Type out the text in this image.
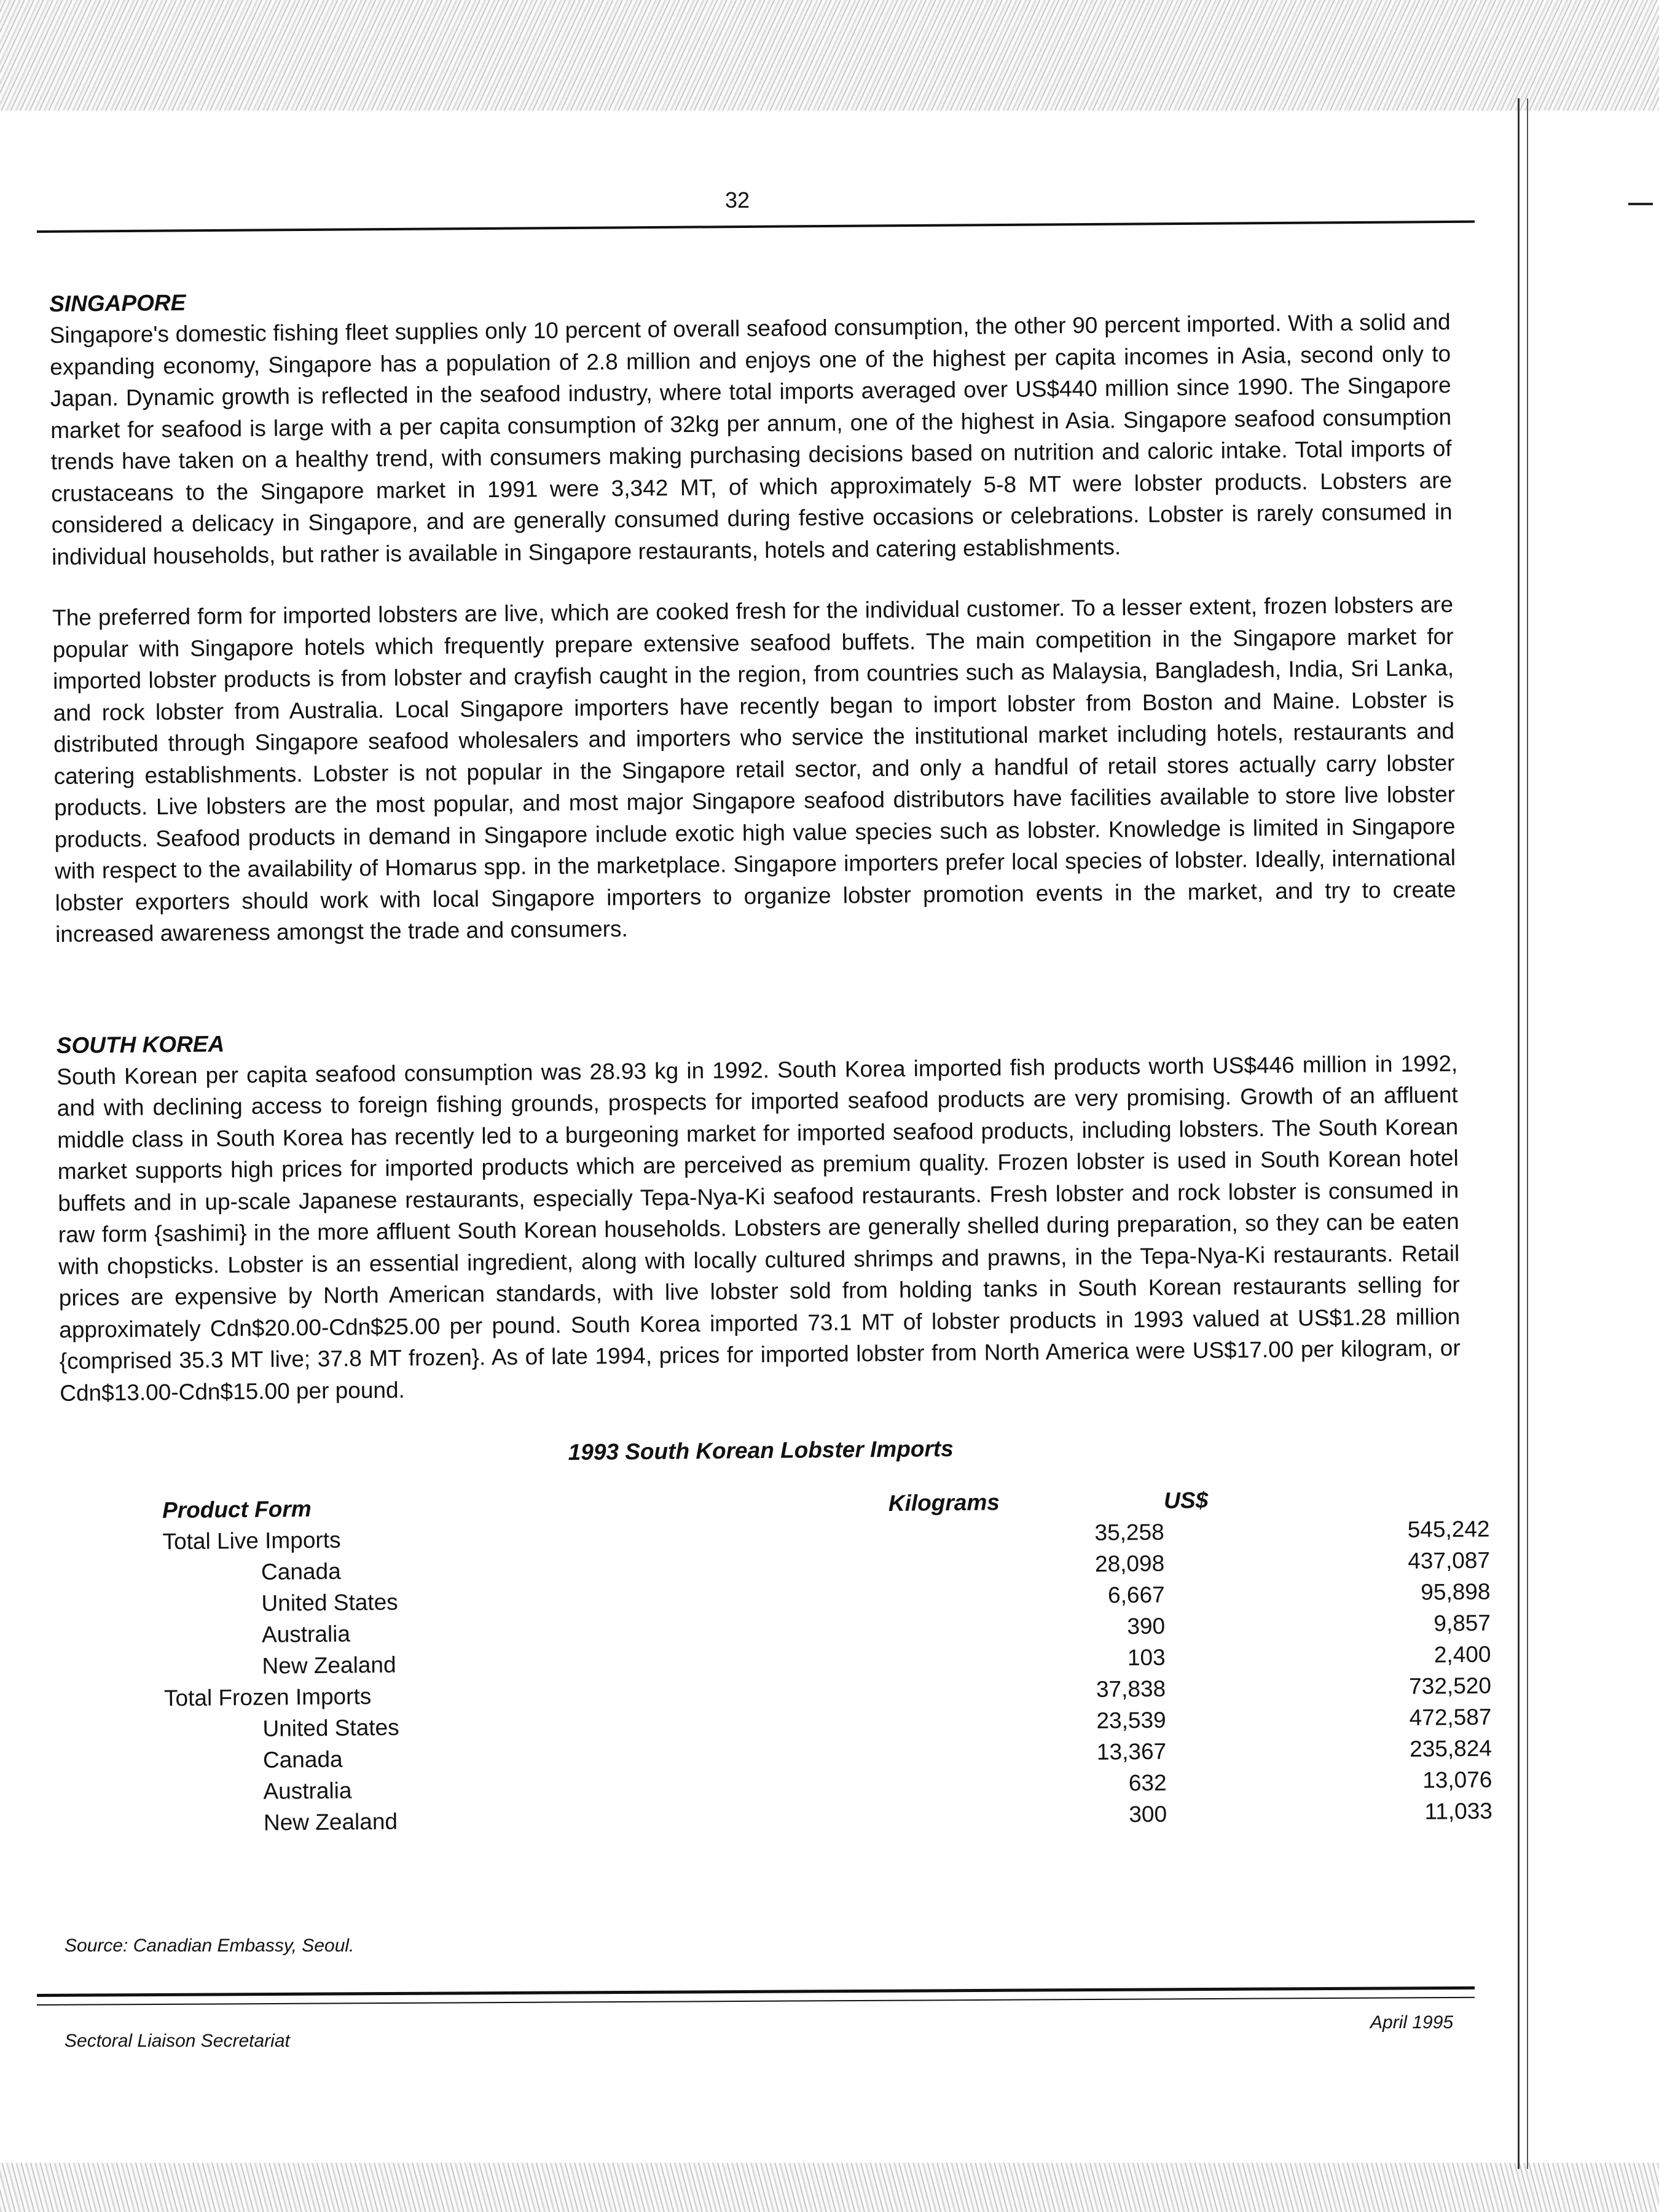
32
SINGAPORE

Singapore's domestic fishing fleet supplies only 10 percent of overall seafood consumption, the other 90 percent imported. With a solid and expanding economy, Singapore has a population of 2.8 million and enjoys one of the highest per capita incomes in Asia, second only to Japan. Dynamic growth is reflected in the seafood industry, where total imports averaged over US$440 million since 1990. The Singapore market for seafood is large with a per capita consumption of 32kg per annum, one of the highest in Asia. Singapore seafood consumption trends have taken on a healthy trend, with consumers making purchasing decisions based on nutrition and caloric intake. Total imports of crustaceans to the Singapore market in 1991 were 3,342 MT, of which approximately 5-8 MT were lobster products. Lobsters are considered a delicacy in Singapore, and are generally consumed during festive occasions or celebrations. Lobster is rarely consumed in individual households, but rather is available in Singapore restaurants, hotels and catering establishments.

The preferred form for imported lobsters are live, which are cooked fresh for the individual customer. To a lesser extent, frozen lobsters are popular with Singapore hotels which frequently prepare extensive seafood buffets. The main competition in the Singapore market for imported lobster products is from lobster and crayfish caught in the region, from countries such as Malaysia, Bangladesh, India, Sri Lanka, and rock lobster from Australia. Local Singapore importers have recently began to import lobster from Boston and Maine. Lobster is distributed through Singapore seafood wholesalers and importers who service the institutional market including hotels, restaurants and catering establishments. Lobster is not popular in the Singapore retail sector, and only a handful of retail stores actually carry lobster products. Live lobsters are the most popular, and most major Singapore seafood distributors have facilities available to store live lobster products. Seafood products in demand in Singapore include exotic high value species such as lobster. Knowledge is limited in Singapore with respect to the availability of Homarus spp. in the marketplace. Singapore importers prefer local species of lobster. Ideally, international lobster exporters should work with local Singapore importers to organize lobster promotion events in the market, and try to create increased awareness amongst the trade and consumers.

SOUTH KOREA

South Korean per capita seafood consumption was 28.93 kg in 1992. South Korea imported fish products worth US$446 million in 1992, and with declining access to foreign fishing grounds, prospects for imported seafood products are very promising. Growth of an affluent middle class in South Korea has recently led to a burgeoning market for imported seafood products, including lobsters. The South Korean market supports high prices for imported products which are perceived as premium quality. Frozen lobster is used in South Korean hotel buffets and in up-scale Japanese restaurants, especially Tepa-Nya-Ki seafood restaurants. Fresh lobster and rock lobster is consumed in raw form {sashimi} in the more affluent South Korean households. Lobsters are generally shelled during preparation, so they can be eaten with chopsticks. Lobster is an essential ingredient, along with locally cultured shrimps and prawns, in the Tepa-Nya-Ki restaurants. Retail prices are expensive by North American standards, with live lobster sold from holding tanks in South Korean restaurants selling for approximately Cdn$20.00-Cdn$25.00 per pound. South Korea imported 73.1 MT of lobster products in 1993 valued at US$1.28 million {comprised 35.3 MT live; 37.8 MT frozen}. As of late 1994, prices for imported lobster from North America were US$17.00 per kilogram, or Cdn$13.00-Cdn$15.00 per pound.

1993 South Korean Lobster Imports
Product Form	Kilograms	US$
Total Live Imports	35,258	545,242
Canada	28,098	437,087
United States	6,667	95,898
Australia	390	9,857
New Zealand	103	2,400
Total Frozen Imports	37,838	732,520
United States	23,539	472,587
Canada	13,367	235,824
Australia	632	13,076
New Zealand	300	11,033
Source: Canadian Embassy, Seoul.
Sectoral Liaison Secretariat
April 1995
